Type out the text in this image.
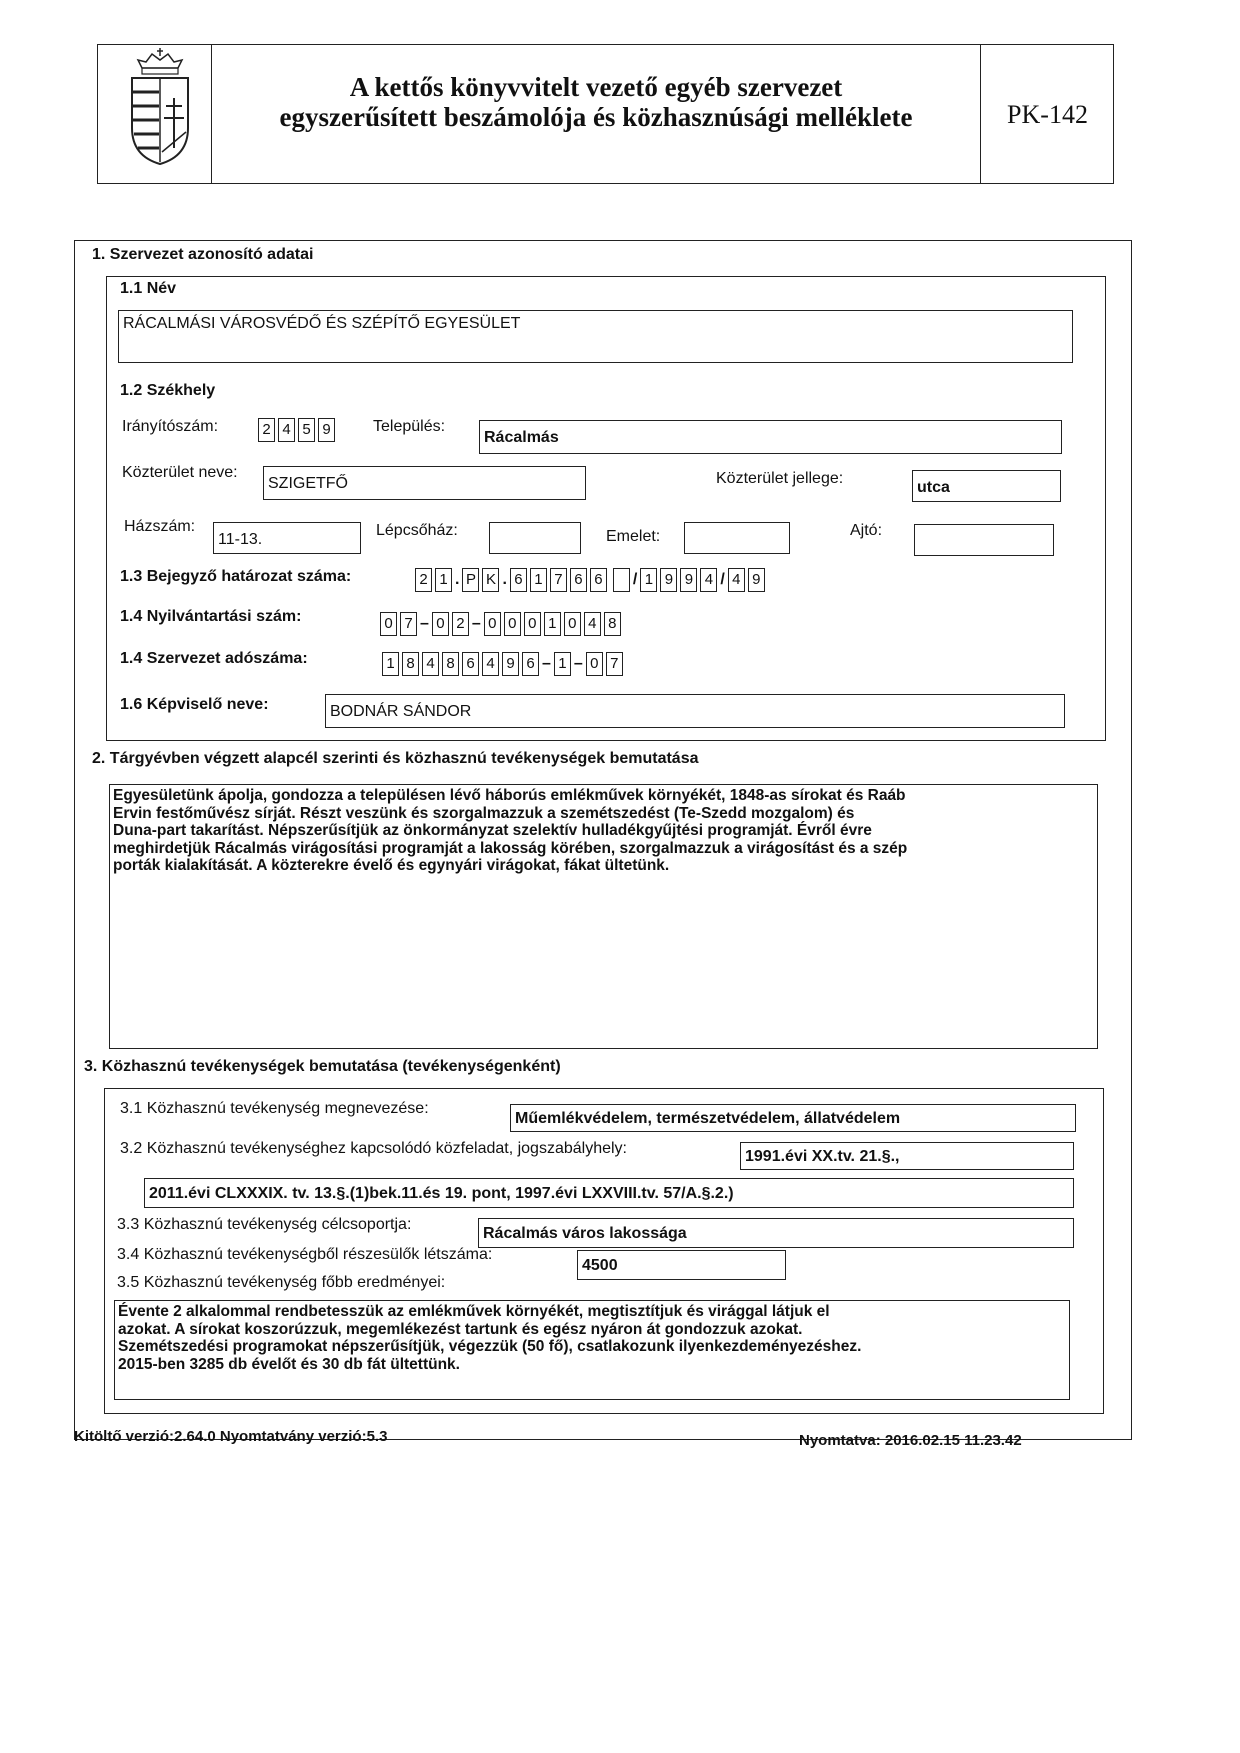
A kettős könyvvitelt vezető egyéb szervezet
egyszerűsített beszámolója és közhasznúsági melléklete	PK-142
1. Szervezet azonosító adatai
1.1 Név
RÁCALMÁSI VÁROSVÉDŐ ÉS SZÉPÍTŐ EGYESÜLET
1.2 Székhely
Irányítószám:	2 4 5 9	Település:
Rácalmás
Közterület neve:
SZIGETFŐ	Közterület jellege:
utca
Házszám:
11-13.
Lépcsőház:	Emelet:	Ajtó:
1.3 Bejegyző határozat száma:	2 1 . P K . 6 1 7 6 6 / 1 9 9 4 / 4 9
1.4 Nyilvántartási szám:	0 7 – 0 2 – 0 0 0 1 0 4 8
1.4 Szervezet adószáma:	1 8 4 8 6 4 9 6 – 1 – 0 7
1.6 Képviselő neve:	BODNÁR SÁNDOR
2. Tárgyévben végzett alapcél szerinti és közhasznú tevékenységek bemutatása
Egyesületünk ápolja, gondozza a településen lévő háborús emlékművek környékét, 1848-as sírokat és Raáb
Ervin festőművész sírját. Részt veszünk és szorgalmazzuk a szemétszedést (Te-Szedd mozgalom) és
Duna-part takarítást. Népszerűsítjük az önkormányzat szelektív hulladékgyűjtési programját. Évről évre
meghirdetjük Rácalmás virágosítási programját a lakosság körében, szorgalmazzuk a virágosítást és a szép
porták kialakítását. A közterekre évelő és egynyári virágokat, fákat ültetünk.
3. Közhasznú tevékenységek bemutatása (tevékenységenként)
3.1 Közhasznú tevékenység megnevezése:
Műemlékvédelem, természetvédelem, állatvédelem
3.2 Közhasznú tevékenységhez kapcsolódó közfeladat, jogszabályhely:	1991.évi XX.tv. 21.§.,
2011.évi CLXXXIX. tv. 13.§.(1)bek.11.és 19. pont, 1997.évi LXXVIII.tv. 57/A.§.2.)
3.3 Közhasznú tevékenység célcsoportja:
Rácalmás város lakossága
3.4 Közhasznú tevékenységből részesülők létszáma:
4500
3.5 Közhasznú tevékenység főbb eredményei:
Évente 2 alkalommal rendbetesszük az emlékművek környékét, megtisztítjuk és virággal látjuk el
azokat. A sírokat koszorúzzuk, megemlékezést tartunk és egész nyáron át gondozzuk azokat.
Szemétszedési programokat népszerűsítjük, végezzük (50 fő), csatlakozunk ilyenkezdeményezéshez.
2015-ben 3285 db évelőt és 30 db fát ültettünk.
Kitöltő verzió:2.64.0 Nyomtatvány verzió:5.3	Nyomtatva: 2016.02.15 11.23.42
